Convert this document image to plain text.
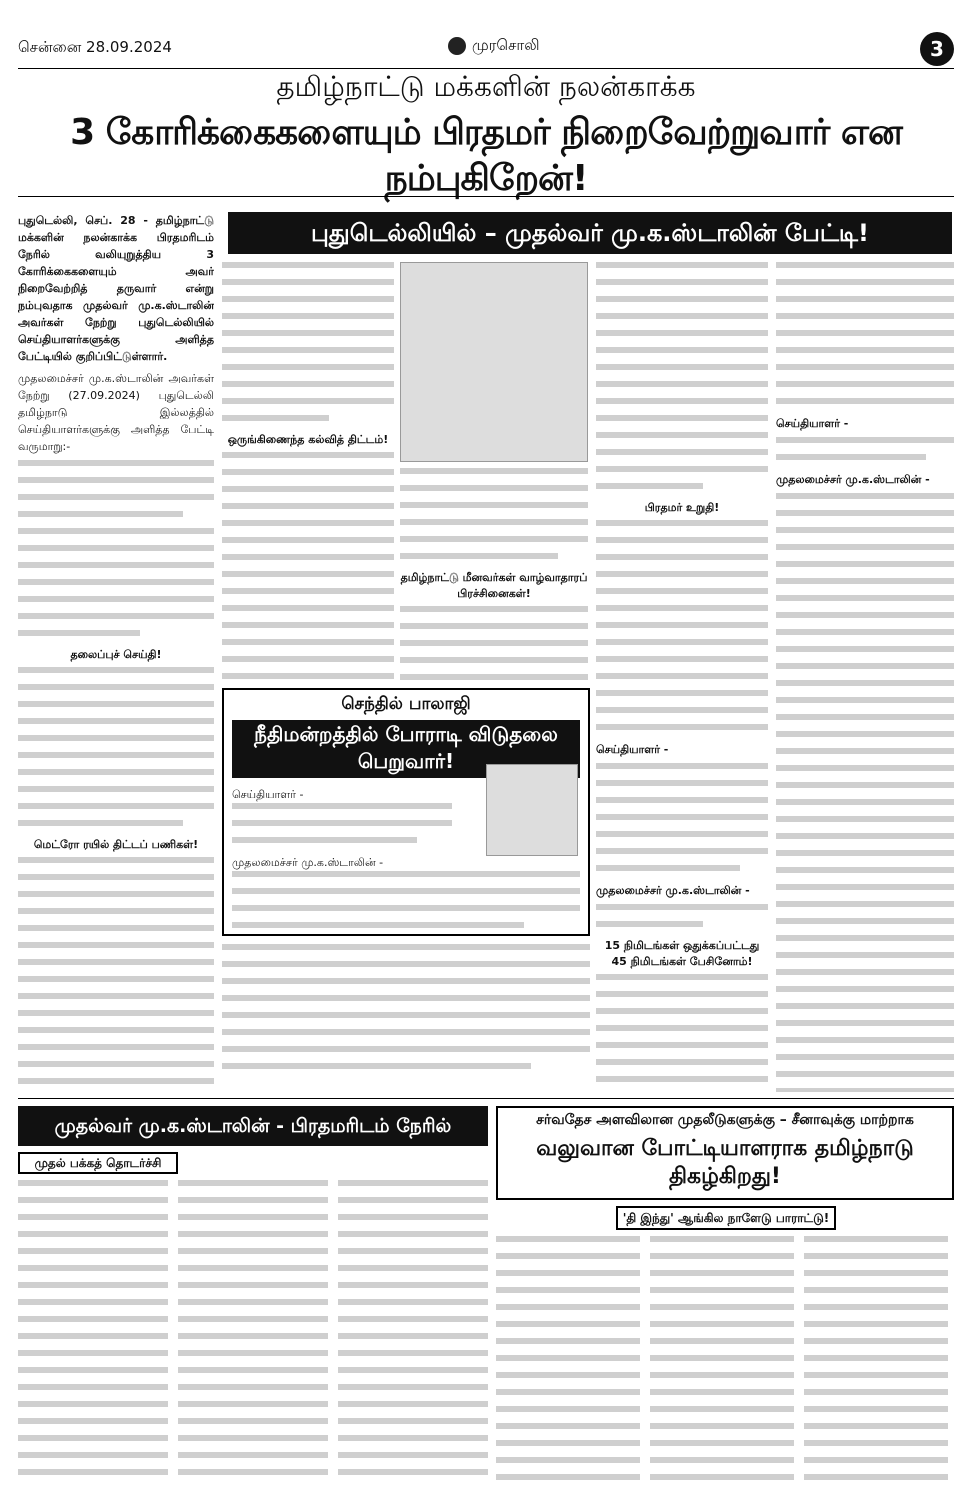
சென்னை 28.09.2024	முரசொலி	3
தமிழ்நாட்டு மக்களின் நலன்காக்க
3 கோரிக்கைகளையும் பிரதமர் நிறைவேற்றுவார் என நம்புகிறேன்!
புதுடெல்லியில் – முதல்வர் மு.க.ஸ்டாலின் பேட்டி!

புதுடெல்லி, செப். 28 - தமிழ்நாட்டு மக்களின் நலன்காக்க பிரதமரிடம் நேரில் வலியுறுத்திய 3 கோரிக்கைகளையும் அவர் நிறைவேற்றித் தருவார் என்று நம்புவதாக முதல்வர் மு.க.ஸ்டாலின் அவர்கள் நேற்று புதுடெல்லியில் செய்தியாளர்களுக்கு அளித்த பேட்டியில் குறிப்பிட்டுள்ளார்.

முதலமைச்சர் மு.க.ஸ்டாலின் அவர்கள் நேற்று (27.09.2024) புதுடெல்லி தமிழ்நாடு இல்லத்தில் செய்தியாளர்களுக்கு அளித்த பேட்டி வருமாறு:-

தலைப்புச் செய்தி!
மெட்ரோ ரயில் திட்டப் பணிகள்!
ஒருங்கிணைந்த கல்வித் திட்டம்!
தமிழ்நாட்டு மீனவர்கள் வாழ்வாதாரப் பிரச்சினைகள்!
பிரதமர் உறுதி!

செய்தியாளர் -

முதலமைச்சர் மு.க.ஸ்டாலின் -

15 நிமிடங்கள் ஒதுக்கப்பட்டது 45 நிமிடங்கள் பேசினோம்!

செய்தியாளர் -

முதலமைச்சர் மு.க.ஸ்டாலின் -

செந்தில் பாலாஜி
நீதிமன்றத்தில் போராடி விடுதலை பெறுவார்!

செய்தியாளர் -

முதலமைச்சர் மு.க.ஸ்டாலின் -

முதல்வர் மு.க.ஸ்டாலின் - பிரதமரிடம் நேரில் வலியுறுத்தல்
முதல் பக்கத் தொடர்ச்சி
சர்வதேச அளவிலான முதலீடுகளுக்கு – சீனாவுக்கு மாற்றாக
வலுவான போட்டியாளராக தமிழ்நாடு திகழ்கிறது!
'தி இந்து' ஆங்கில நாளேடு பாராட்டு!
